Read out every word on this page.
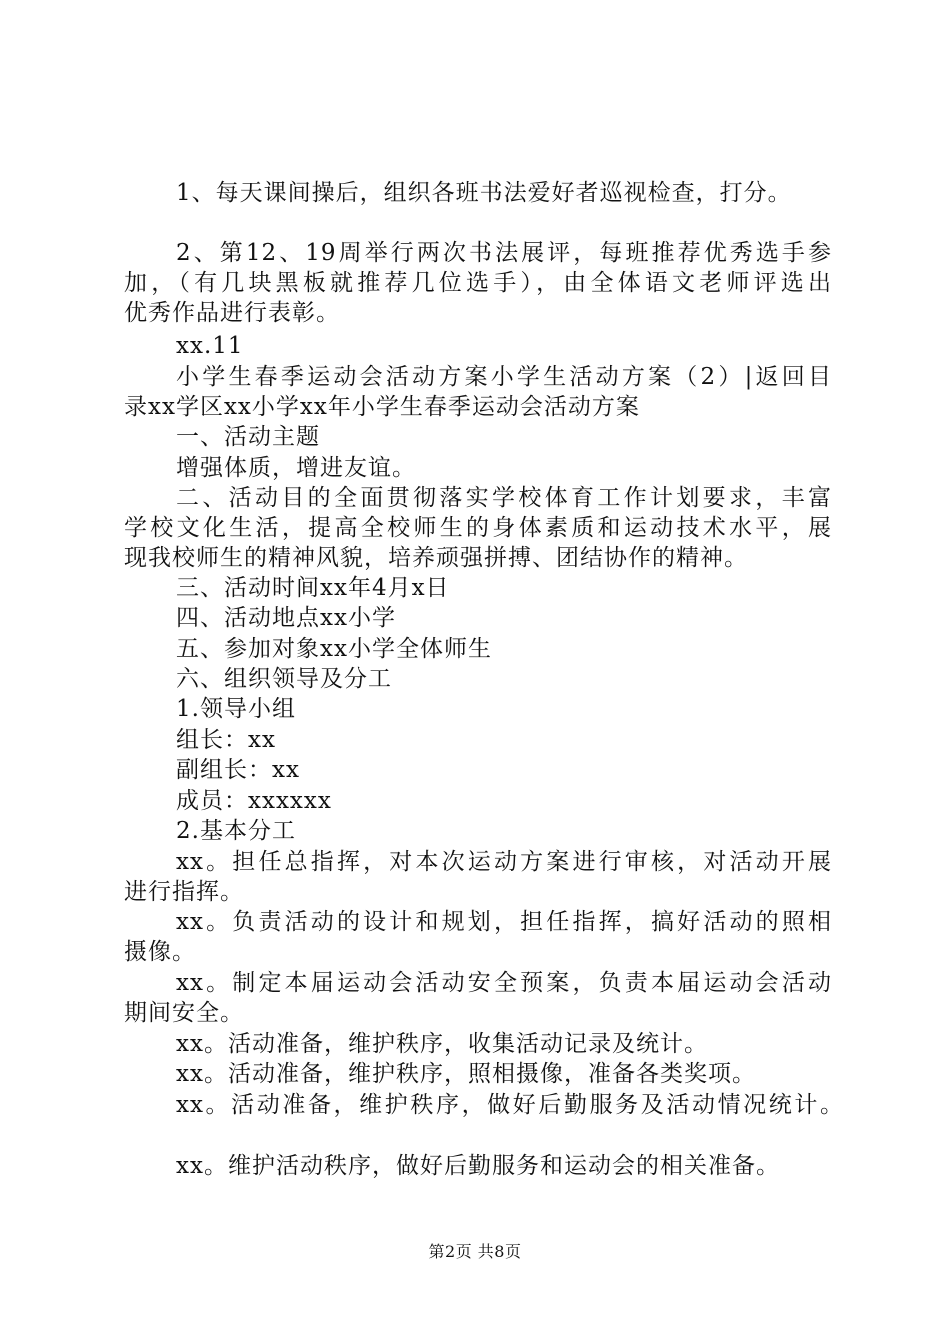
1、每天课间操后，组织各班书法爱好者巡视检查，打分。
2、第12、19周举行两次书法展评，每班推荐优秀选手参
加，（有几块黑板就推荐几位选手），由全体语文老师评选出
优秀作品进行表彰。
xx.11
小学生春季运动会活动方案小学生活动方案（2）|返回目
录xx学区xx小学xx年小学生春季运动会活动方案
一、活动主题
增强体质，增进友谊。
二、活动目的全面贯彻落实学校体育工作计划要求，丰富
学校文化生活，提高全校师生的身体素质和运动技术水平，展
现我校师生的精神风貌，培养顽强拼搏、团结协作的精神。
三、活动时间xx年4月x日
四、活动地点xx小学
五、参加对象xx小学全体师生
六、组织领导及分工
1.领导小组
组长：xx
副组长：xx
成员：xxxxxx
2.基本分工
xx。担任总指挥，对本次运动方案进行审核，对活动开展
进行指挥。
xx。负责活动的设计和规划，担任指挥，搞好活动的照相
摄像。
xx。制定本届运动会活动安全预案，负责本届运动会活动
期间安全。
xx。活动准备，维护秩序，收集活动记录及统计。
xx。活动准备，维护秩序，照相摄像，准备各类奖项。
xx。活动准备，维护秩序，做好后勤服务及活动情况统计。
xx。维护活动秩序，做好后勤服务和运动会的相关准备。
第2页 共8页
